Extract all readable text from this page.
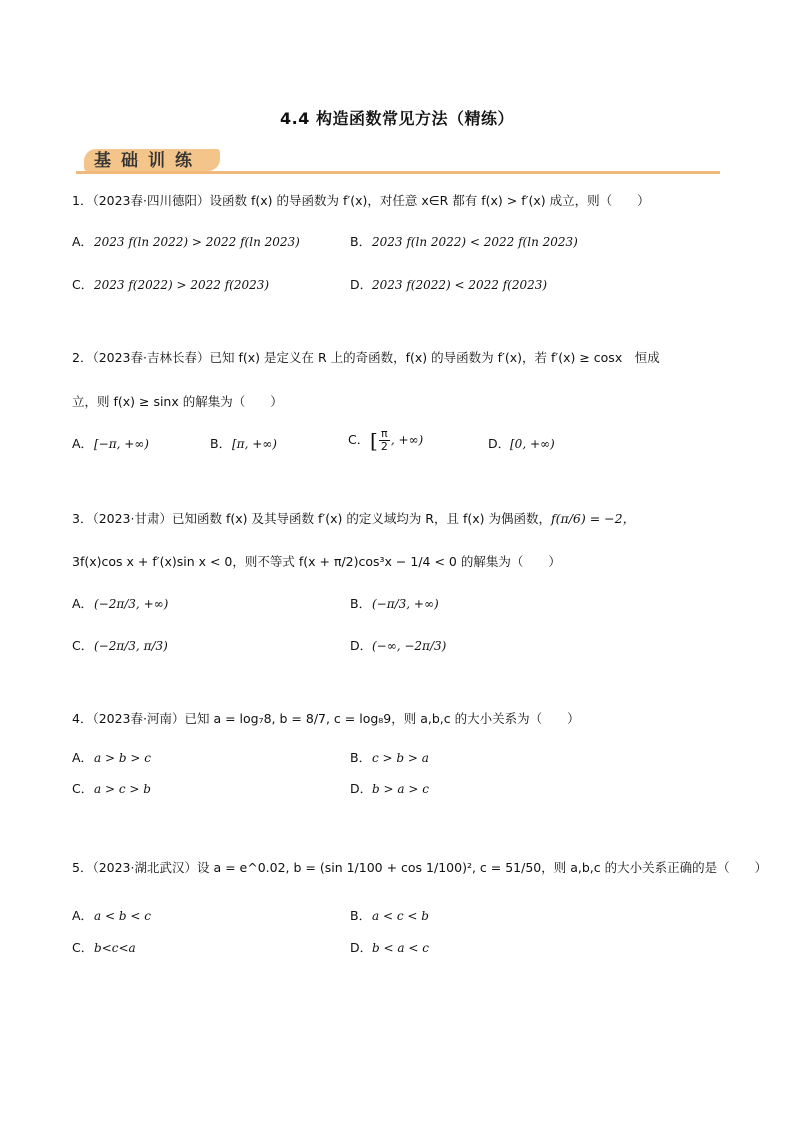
4.4 构造函数常见方法（精练）
基础训练
1．（2023春·四川德阳）设函数 f(x) 的导函数为 f′(x)，对任意 x∈R 都有 f(x) > f′(x) 成立，则（　　）
A．2023 f(ln 2022) > 2022 f(ln 2023)	B．2023 f(ln 2022) < 2022 f(ln 2023)
C．2023 f(2022) > 2022 f(2023)	D．2023 f(2022) < 2022 f(2023)
2．（2023春·吉林长春）已知 f(x) 是定义在 R 上的奇函数，f(x) 的导函数为 f′(x)，若 f′(x) ≥ cosx　恒成
立，则 f(x) ≥ sinx 的解集为（　　）
A．[−π, +∞)	B．[π, +∞)	C．[ $\frac{\pi}{2}$ , +∞)	D．[0, +∞)
3．（2023·甘肃）已知函数 f(x) 及其导函数 f′(x) 的定义域均为 R，且 f(x) 为偶函数，f(π/6) = −2，
3f(x)cos x + f′(x)sin x < 0，则不等式 f(x + π/2)cos³x − 1/4 < 0 的解集为（　　）
A．(−2π/3, +∞)	B．(−π/3, +∞)
C．(−2π/3, π/3)	D．(−∞, −2π/3)
4．（2023春·河南）已知 a = log₇8, b = 8/7, c = log₈9，则 a,b,c 的大小关系为（　　）
A．a > b > c	B．c > b > a
C．a > c > b	D．b > a > c
5．（2023·湖北武汉）设 a = e^0.02, b = (sin 1/100 + cos 1/100)², c = 51/50，则 a,b,c 的大小关系正确的是（　　）
A．a < b < c	B．a < c < b
C．b<c<a	D．b < a < c
